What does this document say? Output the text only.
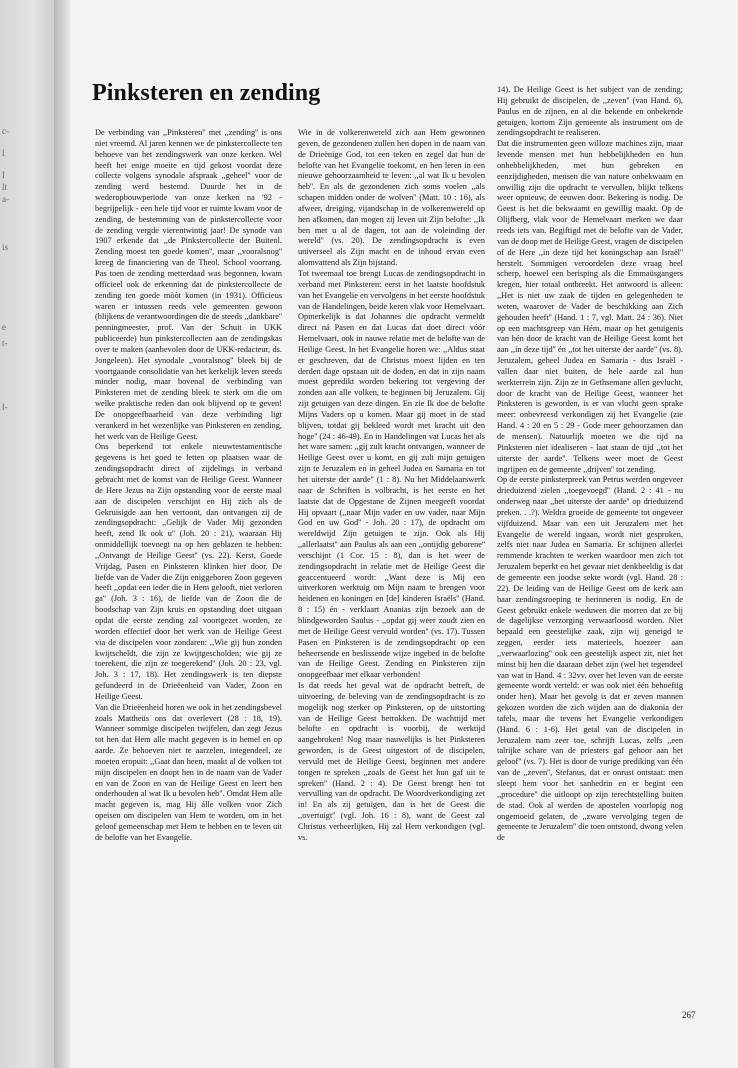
c-
l
I
lt
a-
is
e
t-
l-
Pinksteren en zending

De verbinding van ,,Pinksteren'' met ,,zending'' is ons niet vreemd. Al jaren kennen we de pinkstercollecte ten behoeve van het zendingswerk van onze kerken. Wel heeft het enige moeite en tijd gekost voordat deze collecte volgens synodale afspraak ,,geheel'' voor de zending werd bestemd. Duurde het in de wederopbouwperiode van onze kerken na '92 - begrijpelijk - een hele tijd voor er ruimte kwam voor de zending, de bestemming van de pinkstercollecte voor de zending vergde vierentwintig jaar! De synode van 1907 erkende dat ,,de Pinkstercollecte der Buitenl. Zending moest ten goede komen'', maar ,,vooralsnog'' kreeg de financiering van de Theol. School voorrang. Pas toen de zending metterdaad was begonnen, kwam officieel ook de erkenning dat de pinkstercollecte de zending ten goede mòòt komen (in 1931). Officieus waren er intussen reeds vele gemeenten gewoon (blijkens de verantwoordingen die de steeds ,,dankbare'' penningmeester, prof. Van der Schuit in UKK publiceerde) hun pinkstercollecten aan de zendingskas over te maken (aanbevolen door de UKK-redacteur, ds. Jongeleen). Het synodale ,,vooralsnog'' bleek bij de voortgaande consolidatie van het kerkelijk leven steeds minder nodig, maar bovenal de verbinding van Pinksteren met de zending bleek te sterk om die om welke praktische reden dan ook blijvend op te geven! De onopgeefbaarheid van deze verbinding ligt verankerd in het wezenlijke van Pinksteren en zending, het werk van de Heilige Geest.

Ons beperkend tot enkele nieuwtestamentische gegevens is het goed te letten op plaatsen waar de zendingsopdracht direct of zijdelings in verband gebracht met de komst van de Heilige Geest. Wanneer de Here Jezus na Zijn opstanding voor de eerste maal aan de discipelen verschijnt en Hij zich als de Gekruisigde aan hen vertoont, dan ontvangen zij de zendingsopdracht: ,,Gelijk de Vader Mij gezonden heeft, zend Ik ook u'' (Joh. 20 : 21), waaraan Hij onmiddellijk toevoegt na op hen geblazen te hebben: ,,Ontvangt de Heilige Geest'' (vs. 22). Kerst, Goede Vrijdag, Pasen en Pinksteren klinken hier door. De liefde van de Vader die Zijn eniggeboren Zoon gegeven heeft ,,opdat een ieder die in Hem gelooft, niet verloren ga'' (Joh. 3 : 16), de liefde van de Zoon die de boodschap van Zijn kruis en opstanding doet uitgaan opdat die eerste zending zal voortgezet worden, ze worden effectief door het werk van de Heilige Geest via de discipelen voor zondaren: ,,Wie gij hun zonden kwijtscheldt, die zijn ze kwijtgescholden; wie gij ze toerekent, die zijn ze toegerekend'' (Joh. 20 : 23, vgl. Joh. 3 : 17, 18). Het zendingswerk is ten diepste gefundeerd in de Drieëenheid van Vader, Zoon en Heilige Geest.

Van die Drieëenheid horen we ook in het zendingsbevel zoals Mattheüs ons dat overlevert (28 : 18, 19). Wanneer sommige discipelen twijfelen, dan zegt Jezus tot hen dat Hem alle macht gegeven is in hemel en op aarde. Ze behoeven niet te aarzelen, integendeel, ze moeten eropuit: ,,Gaat dan heen, maakt al de volken tot mijn discipelen en doopt hen in de naam van de Vader en van de Zoon en van de Heilige Geest en leert hen onderhouden al wat Ik u bevolen heb''. Omdat Hem alle macht gegeven is, mag Hij álle volken voor Zich opeisen om discipelen van Hem te worden, om in het geloof gemeenschap met Hem te hebben en te leven uit de belofte van het Evangelie.

Wie in de volkerenwereld zich aan Hem gewonnen geven, de gezondenen zullen hen dopen in de naam van de Drieënige God, tot een teken en zegel dat hun de belofte van het Evangelie toekomt, en hen leren in een nieuwe gehoorzaamheid te leven: ,,al wat Ik u bevolen heb''. En als de gezondenen zich soms voelen ,,als schapen midden onder de wolven'' (Matt. 10 : 16), als afweer, dreiging, vijandschap in de volkerenwereld op hen afkomen, dan mogen zij leven uit Zijn belofte: ,,Ik ben met u al de dagen, tot aan de voleinding der wereld'' (vs. 20). De zendingsopdracht is even universeel als Zijn macht en de inhoud ervan even alomvattend als Zijn bijstand.

Tot tweemaal toe brengt Lucas de zendingsopdracht in verband met Pinksteren: eerst in het laatste hoofdstuk van het Evangelie en vervolgens in het eerste hoofdstuk van de Handelingen, beide keren vlak voor Hemelvaart. Opmerkelijk is dat Johannes die opdracht vermeldt direct ná Pasen en dat Lucas dat doet direct vóór Hemelvaart, ook in nauwe relatie met de belofte van de Heilige Geest. In het Evangelie horen we: ,,Aldus staat er geschreven, dat de Christus moest lijden en ten derden dage opstaan uit de doden, en dat in zijn naam moest gepredikt worden bekering tot vergeving der zonden aan alle volken, te beginnen bij Jeruzalem. Gij zijt getuigen van deze dingen. En zie Ik doe de belofte Mijns Vaders op u komen. Maar gij moet in de stad blijven, totdat gij bekleed wordt met kracht uit den hoge'' (24 : 46-49). En in Handelingen vat Lucas het als het ware samen: ,,gij zult kracht ontvangen, wanneer de Heilige Geest over u komt, en gij zult mijn getuigen zijn te Jeruzalem en in geheel Judea en Samaria en tot het uiterste der aarde'' (1 : 8). Nu het Middelaarswerk naar de Schriften is volbracht, is het eerste en het laatste dat de Opgestane de Zijnen meegeeft voordat Hij opvaart (,,naar Mijn vader en uw vader, naar Mijn God en uw God'' - Joh. 20 : 17), de opdracht om wereldwijd Zijn getuigen te zijn. Ook als Hij ,,allerlaatst'' aan Paulus als aan een ,,ontijdig geborene'' verschijnt (1 Cor. 15 : 8), dan is het weer de zendingsopdracht in relatie met de Heilige Geest die geaccentueerd wordt: ,,Want deze is Mij een uitverkoren werktuig om Mijn naam te brengen voor heidenen en koningen en [de] kinderen Israëls'' (Hand. 8 : 15) én - verklaart Ananias zijn bezoek aan de blindgeworden Saulus - ,,opdat gij weer zoudt zien en met de Heilige Geest vervuld worden'' (vs. 17). Tussen Pasen en Pinksteren is de zendingsopdracht op een beheersende en beslissende wijze ingebed in de belofte van de Heilige Geest. Zending en Pinksteren zijn onopgeefbaar met elkaar verbonden!

Is dat reeds het geval wat de opdracht betreft, de uitvoering, de beleving van de zendingsopdracht is zo mogelijk nog sterker op Pinksteren, op de uitstorting van de Heilige Geest betrokken. De wachttijd met belofte en opdracht is voorbij, de werktijd aangebroken! Nog maar nauwelijks is het Pinksteren geworden, is de Geest uitgestort of de discipelen, vervuld met de Heilige Geest, beginnen met andere tongen te spreken ,,zoals de Geest het hun gaf uit te spreken'' (Hand. 2 : 4). De Geest brengt hen tot vervulling van de opdracht. De Woordverkondiging zet in! En als zij getuigen, dan is het de Geest die ,,overtuigt'' (vgl. Joh. 16 : 8), want de Geest zal Christus verheerlijken, Hij zal Hem verkondigen (vgl. vs.

14). De Heilige Geest is het subject van de zending; Hij gebruikt de discipelen, de ,,zeven'' (van Hand. 6), Paulus en de zijnen, en al die bekende en onbekende getuigen, kortom Zijn gemeente als instrument om de zendingsopdracht te realiseren.

Dat die instrumenten geen willoze machines zijn, maar levende mensen met hun hebbelijkheden en hun onhebbelijkheden, met hun gebreken en eenzijdigheden, mensen die van nature onbekwaam en onwillig zijn die opdracht te vervullen, blijkt telkens weer opnieuw, de eeuwen door. Bekering is nodig. De Geest is het die bekwaamt en gewillig maakt. Op de Olijfberg, vlak voor de Hemelvaart merken we daar reeds iets van. Begiftigd met de belofte van de Vader, van de doop met de Heilige Geest, vragen de discipelen of de Here ,,in deze tijd het koningschap aan Israël'' herstelt. Sommigen veroordelen deze vraag heel scherp, hoewel een berisping als die Emmaüsgangers kregen, hier totaal ontbreekt. Het antwoord is alleen: ,,Het is niet uw zaak de tijden en gelegenheden te weten, waarover de Vader de beschikking aan Zich gehouden heeft'' (Hand. 1 : 7, vgl. Matt. 24 : 36). Niet op een machtsgreep van Hém, maar op het getuigenis van hén door de kracht van de Heilige Geest komt het aan ,,in deze tijd'' én ,,tot het uiterste der aarde'' (vs. 8). Jeruzalem, geheel Judea en Samaria - dus Israël - vallen daar niet buiten, de hele aarde zal hun werkterrein zijn. Zijn ze in Gethsemane allen gevlucht, door de kracht van de Heilige Geest, wanneer het Pinksteren is geworden, is er van vlucht geen sprake meer: onbevreesd verkondigen zij het Evangelie (zie Hand. 4 : 20 en 5 : 29 - Gode meer gehoorzamen dan de mensen). Natuurlijk moeten we die tijd na Pinksteren niet idealiseren - laat staan de tijd ,,tot het uiterste der aarde''. Telkens weer moet de Geest ingrijpen en de gemeente ,,drijven'' tot zending.

Op de eerste pinksterpreek van Petrus werden ongeveer drieduizend zielen ,,toegevoegd'' (Hand. 2 : 41 - nu onderweg naar ,,het uiterste der aarde'' op drieduizend preken. . .?). Weldra groeide de gemeente tot ongeveer vijfduizend. Maar van een uit Jeruzalem met het Evangelie de wereld ingaan, wordt niet gesproken, zelfs niet naar Judea en Samaria. Er schijnen allerlei remmende krachten te werken waardoor men zich tot Jeruzalem beperkt en het gevaar niet denkbeeldig is dat de gemeente een joodse sekte wordt (vgl. Hand. 28 : 22). De leiding van de Heilige Geest om de kerk aan haar zendingsroeping te herinneren is nodig. En de Geest gebruikt enkele weduwen die morren dat ze bij de dagelijkse verzorging verwaarloosd worden. Niet bepaald een geestelijke zaak, zijn wij geneigd te zeggen, eerder iets materieels, hoezeer aan ,,verwaarlozing'' ook een geestelijk aspect zit, niet het minst bij hen die daaraan debet zijn (wel het tegendeel van wat in Hand. 4 : 32vv. over het leven van de eerste gemeente wordt verteld: er was ook niet één behoeftig onder hen). Maar het gevolg is dat er zeven mannen gekozen worden die zich wijden aan de diakonia der tafels, maar die tevens het Evangelie verkondigen (Hand. 6 : 1-6). Het getal van de discipelen in Jeruzalem nam zeer toe, schrijft Lucas, zelfs ,,een talrijke schare van de priesters gaf gehoor aan het geloof'' (vs. 7). Het is door de vurige prediking van één van de ,,zeven'', Stefanus, dat er onrust ontstaat: men sleept hem voor het sanhedrin en er begint een ,,procedure'' die uitloopt op zijn terechtstelling buiten de stad. Ook al werden de apostelen voorlopig nog ongemoeid gelaten, de ,,zware vervolging tegen de gemeente te Jeruzalem'' die toen ontstond, dwong velen de

267
